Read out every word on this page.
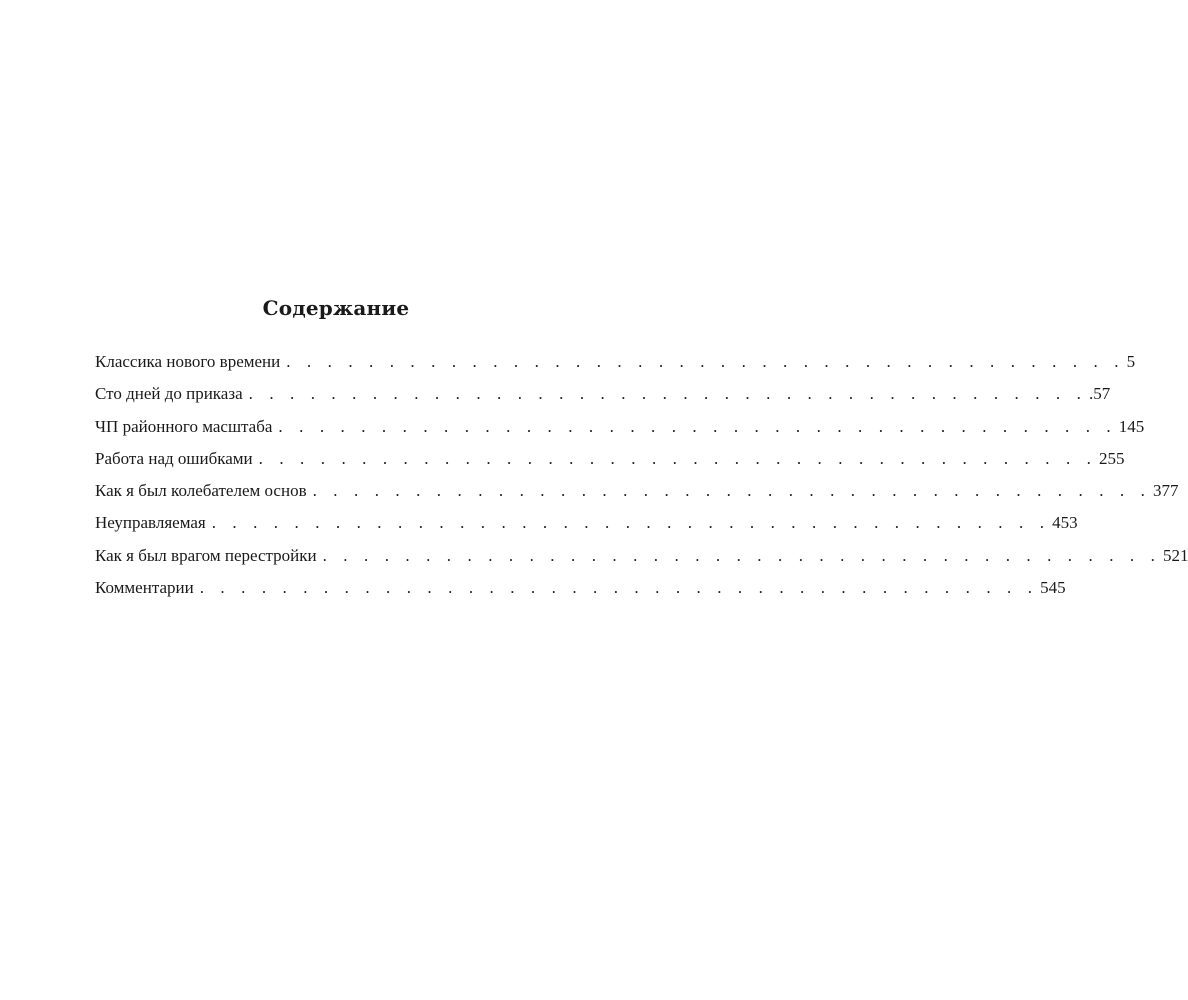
Содержание
Классика нового времени . . . . . . . . . . . . . . . . . . . . . . . . . . . . . . . . . . . . . . . . . 5
Сто дней до приказа . . . . . . . . . . . . . . . . . . . . . . . . . . . . . . . . . . . . . . . . . .57
ЧП районного масштаба . . . . . . . . . . . . . . . . . . . . . . . . . . . . . . . . . . . . . . . . . 145
Работа над ошибками . . . . . . . . . . . . . . . . . . . . . . . . . . . . . . . . . . . . . . . . . 255
Как я был колебателем основ . . . . . . . . . . . . . . . . . . . . . . . . . . . . . . . . . . . . . . . . . 377
Неуправляемая . . . . . . . . . . . . . . . . . . . . . . . . . . . . . . . . . . . . . . . . . 453
Как я был врагом перестройки . . . . . . . . . . . . . . . . . . . . . . . . . . . . . . . . . . . . . . . . . 521
Комментарии . . . . . . . . . . . . . . . . . . . . . . . . . . . . . . . . . . . . . . . . . 545
